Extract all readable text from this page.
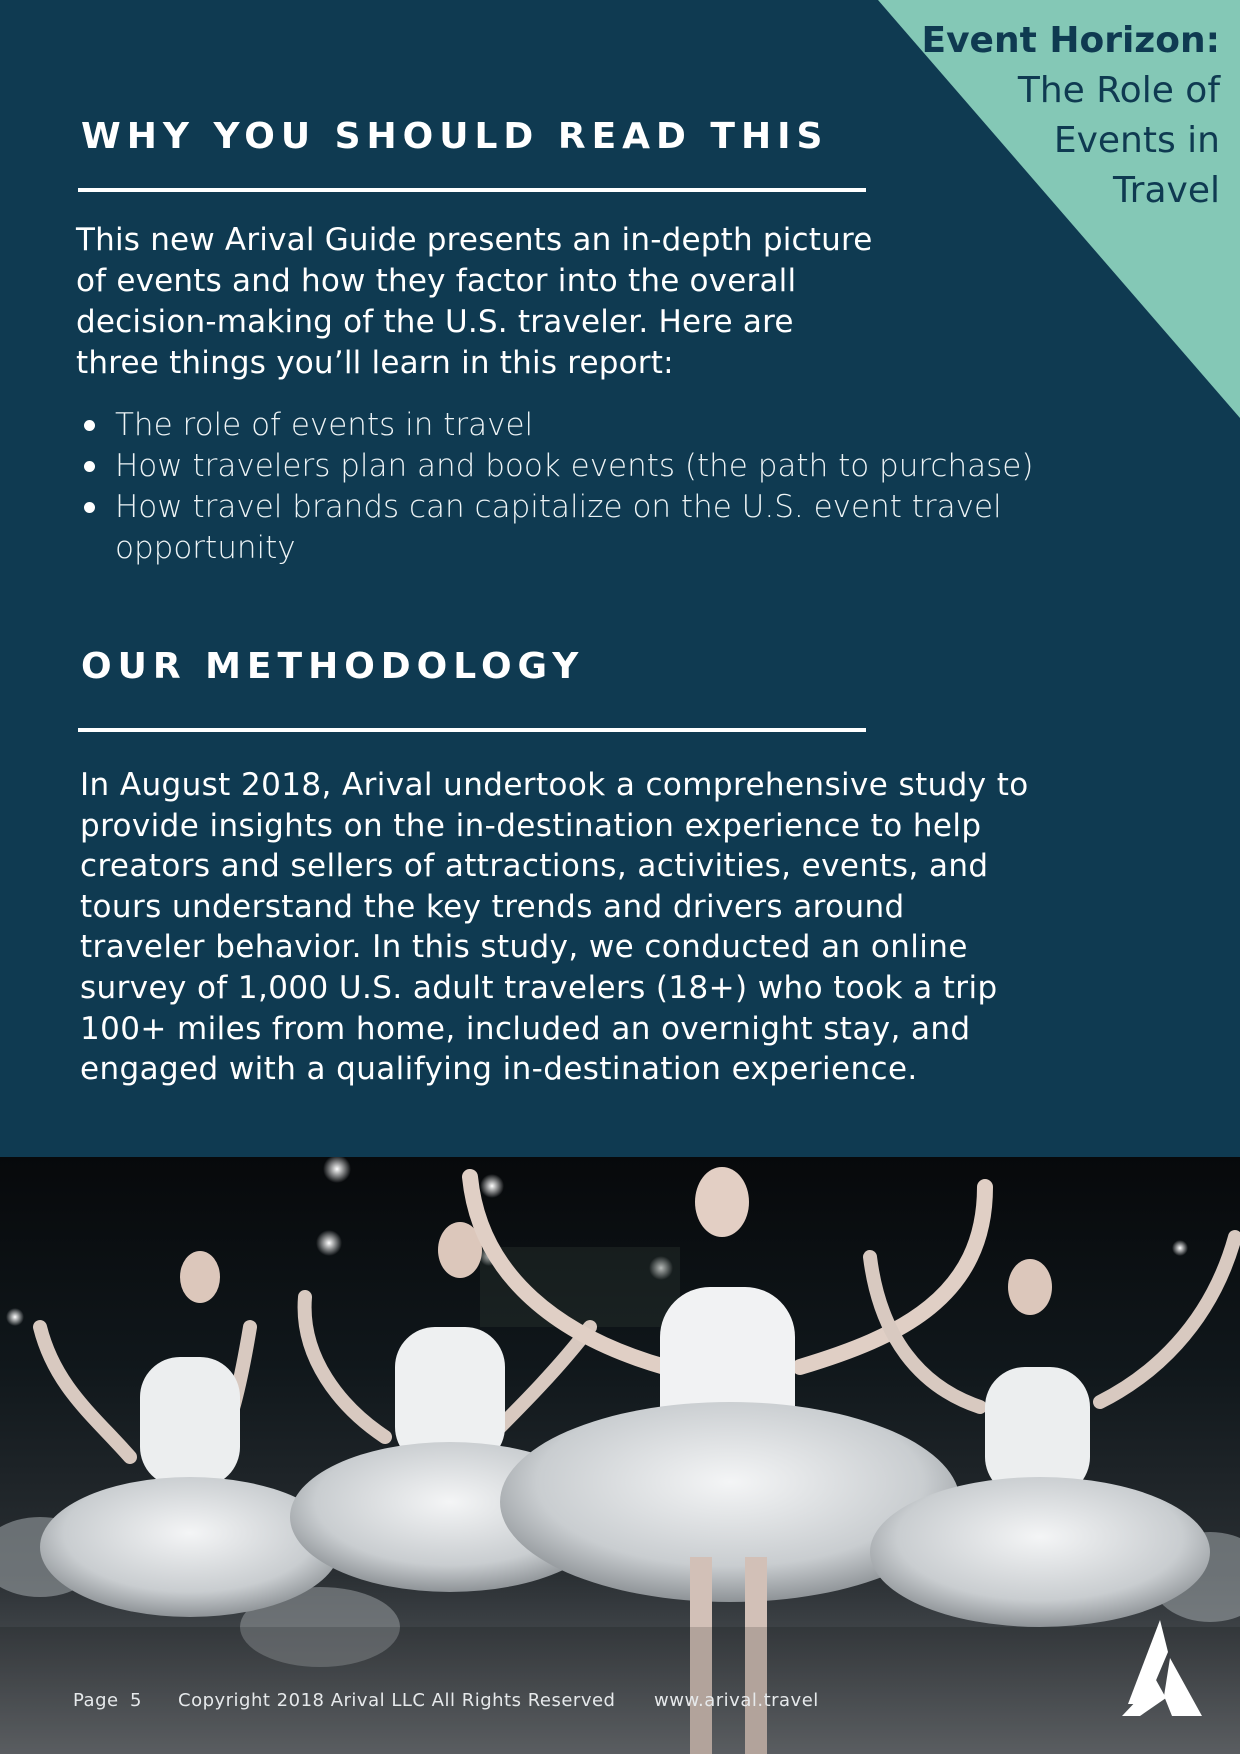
Event Horizon:
The Role of
Events in
Travel
WHY YOU SHOULD READ THIS

This new Arival Guide presents an in-depth picture
of events and how they factor into the overall
decision-making of the U.S. traveler. Here are
three things you’ll learn in this report:

The role of events in travel
How travelers plan and book events (the path to purchase)
How travel brands can capitalize on the U.S. event travel opportunity
OUR METHODOLOGY

In August 2018, Arival undertook a comprehensive study to
provide insights on the in-destination experience to help
creators and sellers of attractions, activities, events, and
tours understand the key trends and drivers around
traveler behavior. In this study, we conducted an online
survey of 1,000 U.S. adult travelers (18+) who took a trip
100+ miles from home, included an overnight stay, and
engaged with a qualifying in-destination experience.

Page 5 Copyright 2018 Arival LLC All Rights Reserved www.arival.travel
